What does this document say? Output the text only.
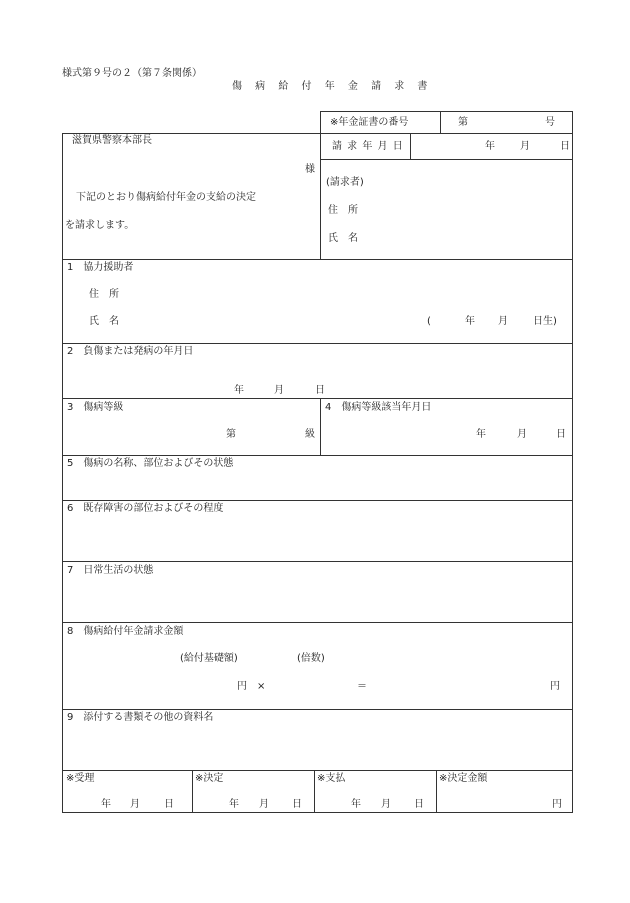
様式第９号の２（第７条関係）
傷 病 給 付 年 金 請 求 書
※年金証書の番号	第	号
滋賀県警察本部長
様
下記のとおり傷病給付年金の支給の決定
を請求します。
請 求 年 月 日	年	月	日
(請求者)
住　所
氏　名
1　協力援助者
住　所
氏　名	(	年 月	日生)
2　負傷または発病の年月日
年	月	日
3　傷病等級
第	級
4　傷病等級該当年月日
年	月	日
5　傷病の名称、部位およびその状態
6　既存障害の部位およびその程度
7　日常生活の状態
8　傷病給付年金請求金額
(給付基礎額)	(倍数)
円　×	＝	円
9　添付する書類その他の資料名
※受理
年 月 日
※決定
年 月 日
※支払
年 月 日
※決定金額
円
